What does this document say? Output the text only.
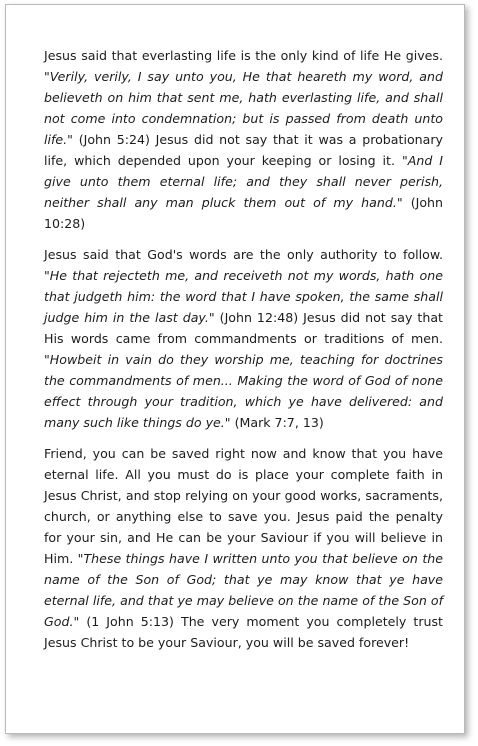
Jesus said that everlasting life is the only kind of life He gives. "Verily, verily, I say unto you, He that heareth my word, and believeth on him that sent me, hath everlasting life, and shall not come into condemnation; but is passed from death unto life." (John 5:24) Jesus did not say that it was a probationary life, which depended upon your keeping or losing it. "And I give unto them eternal life; and they shall never perish, neither shall any man pluck them out of my hand." (John 10:28)

Jesus said that God's words are the only authority to follow. "He that rejecteth me, and receiveth not my words, hath one that judgeth him: the word that I have spoken, the same shall judge him in the last day." (John 12:48) Jesus did not say that His words came from commandments or traditions of men. "Howbeit in vain do they worship me, teaching for doctrines the commandments of men... Making the word of God of none effect through your tradition, which ye have delivered: and many such like things do ye." (Mark 7:7, 13)

Friend, you can be saved right now and know that you have eternal life. All you must do is place your complete faith in Jesus Christ, and stop relying on your good works, sacraments, church, or anything else to save you. Jesus paid the penalty for your sin, and He can be your Saviour if you will believe in Him. "These things have I written unto you that believe on the name of the Son of God; that ye may know that ye have eternal life, and that ye may believe on the name of the Son of God." (1 John 5:13) The very moment you completely trust Jesus Christ to be your Saviour, you will be saved forever!
